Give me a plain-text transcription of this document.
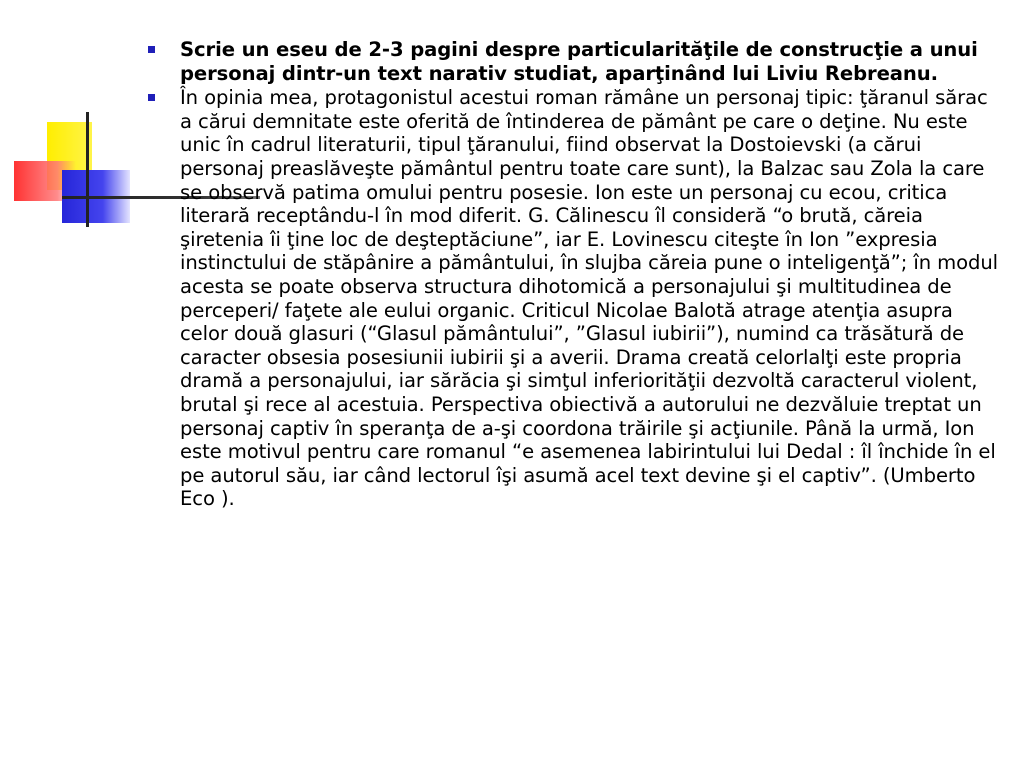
Scrie un eseu de 2-3 pagini despre particularităţile de construcţie a unui personaj dintr-un text narativ studiat, aparţinând lui Liviu Rebreanu.
În opinia mea, protagonistul acestui roman rămâne un personaj tipic: ţăranul sărac a cărui demnitate este oferită de întinderea de pământ pe care o deţine. Nu este unic în cadrul literaturii, tipul ţăranului, fiind observat la Dostoievski (a cărui personaj preaslăveşte pământul pentru toate care sunt), la Balzac sau Zola la care se observă patima omului pentru posesie. Ion este un personaj cu ecou, critica literară receptându-l în mod diferit. G. Călinescu îl consideră “o brută, căreia şiretenia îi ţine loc de deşteptăciune”, iar E. Lovinescu citeşte în Ion ”expresia instinctului de stăpânire a pământului, în slujba căreia pune o inteligenţă”; în modul acesta se poate observa structura dihotomică a personajului şi multitudinea de perceperi/ faţete ale eului organic. Criticul Nicolae Balotă atrage atenţia asupra celor două glasuri (“Glasul pământului”, ”Glasul iubirii”), numind ca trăsătură de caracter obsesia posesiunii iubirii şi a averii. Drama creată celorlalţi este propria dramă a personajului, iar sărăcia şi simţul inferiorităţii dezvoltă caracterul violent, brutal şi rece al acestuia. Perspectiva obiectivă a autorului ne dezvăluie treptat un personaj captiv în speranţa de a-şi coordona trăirile şi acţiunile. Până la urmă, Ion este motivul pentru care romanul “e asemenea labirintului lui Dedal : îl închide în el pe autorul său, iar când lectorul îşi asumă acel text devine şi el captiv”. (Umberto Eco ).
